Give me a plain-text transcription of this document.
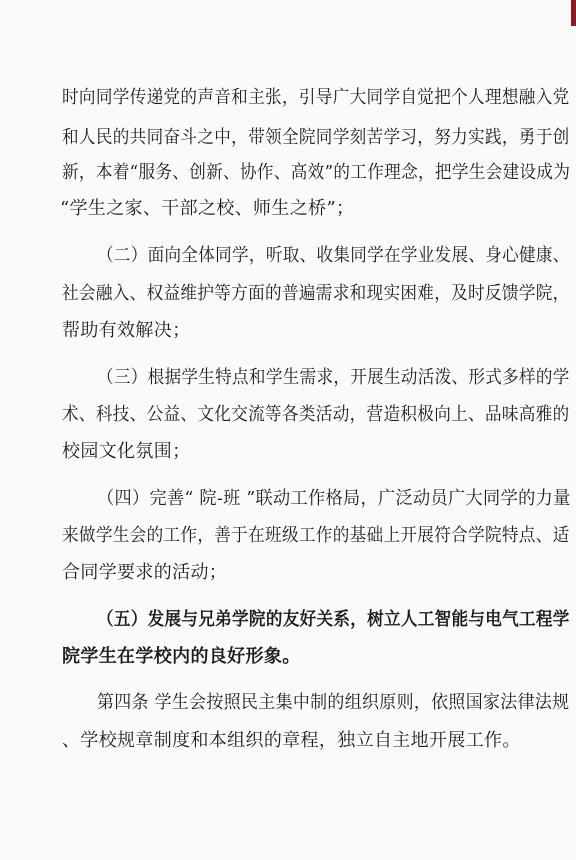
时向同学传递党的声音和主张，引导广大同学自觉把个人理想融入党
和人民的共同奋斗之中，带领全院同学刻苦学习，努力实践，勇于创
新，本着“服务、创新、协作、高效”的工作理念，把学生会建设成为
“学生之家、干部之校、师生之桥”；
（二）面向全体同学，听取、收集同学在学业发展、身心健康、
社会融入、权益维护等方面的普遍需求和现实困难，及时反馈学院，
帮助有效解决；
（三）根据学生特点和学生需求，开展生动活泼、形式多样的学
术、科技、公益、文化交流等各类活动，营造积极向上、品味高雅的
校园文化氛围；
（四）完善“ 院-班 ”联动工作格局，广泛动员广大同学的力量
来做学生会的工作，善于在班级工作的基础上开展符合学院特点、适
合同学要求的活动；
（五）发展与兄弟学院的友好关系，树立人工智能与电气工程学
院学生在学校内的良好形象。
第四条 学生会按照民主集中制的组织原则，依照国家法律法规
、学校规章制度和本组织的章程，独立自主地开展工作。
